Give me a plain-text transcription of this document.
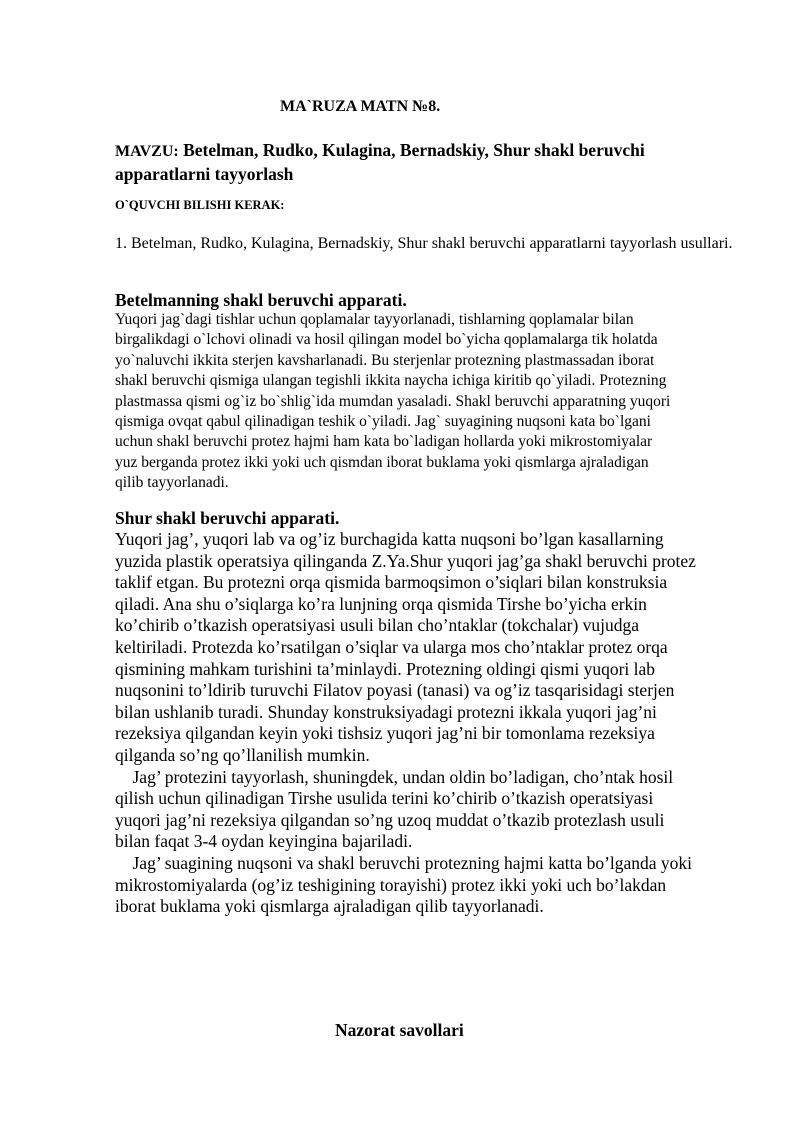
MA`RUZA MATN №8.
MAVZU: Betelman, Rudko, Kulagina, Bernadskiy, Shur shakl beruvchi apparatlarni tayyorlash
O`QUVCHI BILISHI KERAK:
1. Betelman, Rudko, Kulagina, Bernadskiy, Shur shakl beruvchi apparatlarni tayyorlash usullari.
Betelmanning shakl beruvchi apparati.
Yuqori jag`dagi tishlar uchun qoplamalar tayyorlanadi, tishlarning qoplamalar bilan
birgalikdagi o`lchovi olinadi va hosil qilingan model bo`yicha qoplamalarga tik holatda
yo`naluvchi ikkita sterjen kavsharlanadi. Bu sterjenlar protezning plastmassadan iborat
shakl beruvchi qismiga ulangan tegishli ikkita naycha ichiga kiritib qo`yiladi. Protezning
plastmassa qismi og`iz bo`shlig`ida mumdan yasaladi. Shakl beruvchi apparatning yuqori
qismiga ovqat qabul qilinadigan teshik o`yiladi. Jag` suyagining nuqsoni kata bo`lgani
uchun shakl beruvchi protez hajmi ham kata bo`ladigan hollarda yoki mikrostomiyalar
yuz berganda protez ikki yoki uch qismdan iborat buklama yoki qismlarga ajraladigan
qilib tayyorlanadi.
Shur shakl beruvchi apparati.
Yuqori jag’, yuqori lab va og’iz burchagida katta nuqsoni bo’lgan kasallarning
yuzida plastik operatsiya qilinganda Z.Ya.Shur yuqori jag’ga shakl beruvchi protez
taklif etgan. Bu protezni orqa qismida barmoqsimon o’siqlari bilan konstruksia
qiladi. Ana shu o’siqlarga ko’ra lunjning orqa qismida Tirshe bo’yicha erkin
ko’chirib o’tkazish operatsiyasi usuli bilan cho’ntaklar (tokchalar) vujudga
keltiriladi. Protezda ko’rsatilgan o’siqlar va ularga mos cho’ntaklar protez orqa
qismining mahkam turishini ta’minlaydi. Protezning oldingi qismi yuqori lab
nuqsonini to’ldirib turuvchi Filatov poyasi (tanasi) va og’iz tasqarisidagi sterjen
bilan ushlanib turadi. Shunday konstruksiyadagi protezni ikkala yuqori jag’ni
rezeksiya qilgandan keyin yoki tishsiz yuqori jag’ni bir tomonlama rezeksiya
qilganda so’ng qo’llanilish mumkin.
Jag’ protezini tayyorlash, shuningdek, undan oldin bo’ladigan, cho’ntak hosil
qilish uchun qilinadigan Tirshe usulida terini ko’chirib o’tkazish operatsiyasi
yuqori jag’ni rezeksiya qilgandan so’ng uzoq muddat o’tkazib protezlash usuli
bilan faqat 3-4 oydan keyingina bajariladi.
Jag’ suagining nuqsoni va shakl beruvchi protezning hajmi katta bo’lganda yoki
mikrostomiyalarda (og’iz teshigining torayishi) protez ikki yoki uch bo’lakdan
iborat buklama yoki qismlarga ajraladigan qilib tayyorlanadi.
Nazorat savollari
